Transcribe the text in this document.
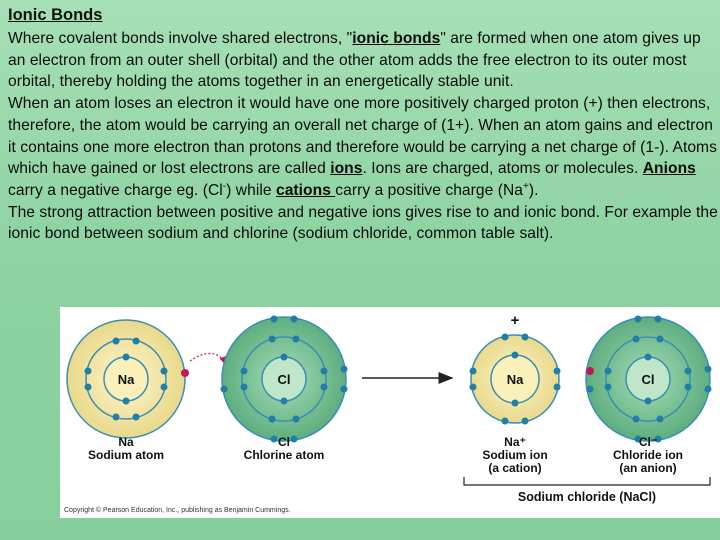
Ionic Bonds

Where covalent bonds involve shared electrons, "ionic bonds" are formed when one atom gives up an electron from an outer shell (orbital) and the other atom adds the free electron to its outer most orbital, thereby holding the atoms together in an energetically stable unit.

When an atom loses an electron it would have one more positively charged proton (+) then electrons, therefore, the atom would be carrying an overall net charge of (1+). When an atom gains and electron it contains one more electron than protons and therefore would be carrying a net charge of (1-). Atoms which have gained or lost electrons are called ions. Ions are charged, atoms or molecules. Anions carry a negative charge eg. (Cl-) while cations carry a positive charge (Na+).

The strong attraction between positive and negative ions gives rise to and ionic bond. For example the ionic bond between sodium and chlorine (sodium chloride, common table salt).

Na	Cl
+
Na	Cl
Na
Sodium atom
Cl
Chlorine atom
Na⁺
Sodium ion
(a cation)
Cl⁻
Chloride ion
(an anion)
Sodium chloride (NaCl)
Copyright © Pearson Education, Inc., publishing as Benjamin Cummings.
